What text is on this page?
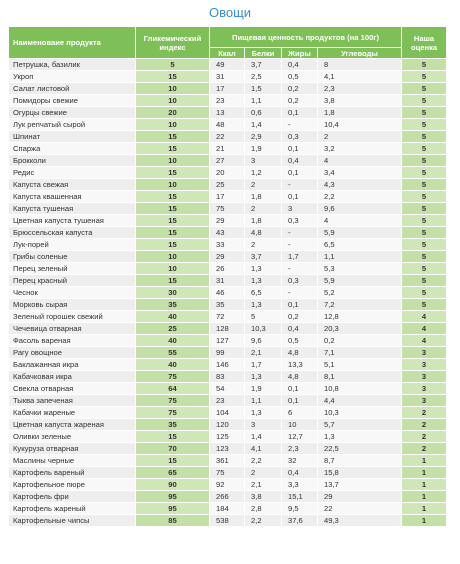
Овощи
Наименоваие продукта	Гликемический индекс	Пищевая ценность продуктов (на 100г)				Наша оценка
		Ккал	Белки	Жиры	Углеводы	
Петрушка, базилик	5	49	3,7	0,4	8	5
Укроп	15	31	2,5	0,5	4,1	5
Салат листовой	10	17	1,5	0,2	2,3	5
Помидоры свежие	10	23	1,1	0,2	3,8	5
Огурцы свежие	20	13	0,6	0,1	1,8	5
Лук репчатый сырой	10	48	1,4	-	10,4	5
Шпинат	15	22	2,9	0,3	2	5
Спаржа	15	21	1,9	0,1	3,2	5
Брокколи	10	27	3	0,4	4	5
Редис	15	20	1,2	0,1	3,4	5
Капуста свежая	10	25	2	-	4,3	5
Капуста квашенная	15	17	1,8	0,1	2,2	5
Капуста тушеная	15	75	2	3	9,6	5
Цветная капуста тушеная	15	29	1,8	0,3	4	5
Брюссельская капуста	15	43	4,8	-	5,9	5
Лук-порей	15	33	2	-	6,5	5
Грибы соленые	10	29	3,7	1,7	1,1	5
Перец зеленый	10	26	1,3	-	5,3	5
Перец красный	15	31	1,3	0,3	5,9	5
Чеснок	30	46	6,5	-	5,2	5
Морковь сырая	35	35	1,3	0,1	7,2	5
Зеленый горошек свежий	40	72	5	0,2	12,8	4
Чечевица отварная	25	128	10,3	0,4	20,3	4
Фасоль вареная	40	127	9,6	0,5	0,2	4
Рагу овощное	55	99	2,1	4,8	7,1	3
Баклажанная икра	40	146	1,7	13,3	5,1	3
Кабачковая икра	75	83	1,3	4,8	8,1	3
Свекла отварная	64	54	1,9	0,1	10,8	3
Тыква запеченая	75	23	1,1	0,1	4,4	3
Кабачки жареные	75	104	1,3	6	10,3	2
Цветная капуста жареная	35	120	3	10	5,7	2
Оливки зеленые	15	125	1,4	12,7	1,3	2
Кукуруза отварная	70	123	4,1	2,3	22,5	2
Маслины черные	15	361	2,2	32	8,7	1
Картофель вареный	65	75	2	0,4	15,8	1
Картофельное пюре	90	92	2,1	3,3	13,7	1
Картофель фри	95	266	3,8	15,1	29	1
Картофель жареный	95	184	2,8	9,5	22	1
Картофельные чипсы	85	538	2,2	37,6	49,3	1
